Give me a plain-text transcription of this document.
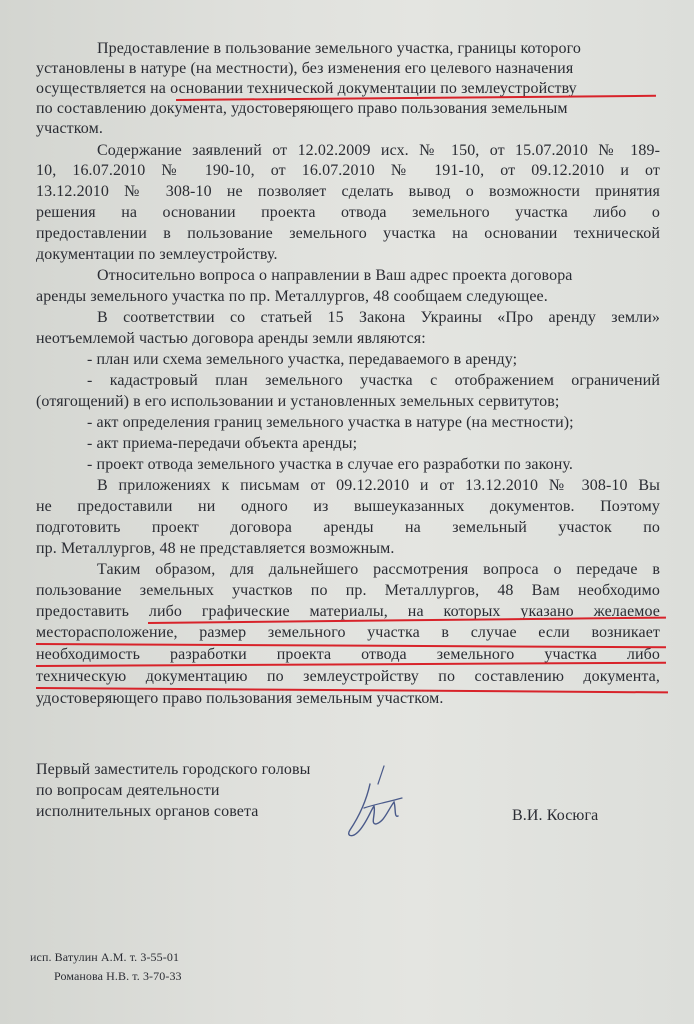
Предоставление в пользование земельного участка, границы которого
установлены в натуре (на местности), без изменения его целевого назначения
осуществляется на основании технической документации по землеустройству
по составлению документа, удостоверяющего право пользования земельным
участком.
Содержание заявлений от 12.02.2009 исх. № 150, от 15.07.2010 № 189-
10, 16.07.2010 № 190-10, от 16.07.2010 № 191-10, от 09.12.2010 и от
13.12.2010 № 308-10 не позволяет сделать вывод о возможности принятия
решения на основании проекта отвода земельного участка либо о
предоставлении в пользование земельного участка на основании технической
документации по землеустройству.
Относительно вопроса о направлении в Ваш адрес проекта договора
аренды земельного участка по пр. Металлургов, 48 сообщаем следующее.
В соответствии со статьей 15 Закона Украины «Про аренду земли»
неотъемлемой частью договора аренды земли являются:
- план или схема земельного участка, передаваемого в аренду;
- кадастровый план земельного участка с отображением ограничений
(отягощений) в его использовании и установленных земельных сервитутов;
- акт определения границ земельного участка в натуре (на местности);
- акт приема-передачи объекта аренды;
- проект отвода земельного участка в случае его разработки по закону.
В приложениях к письмам от 09.12.2010 и от 13.12.2010 № 308-10 Вы
не предоставили ни одного из вышеуказанных документов. Поэтому
подготовить проект договора аренды на земельный участок по
пр. Металлургов, 48 не представляется возможным.
Таким образом, для дальнейшего рассмотрения вопроса о передаче в
пользование земельных участков по пр. Металлургов, 48 Вам необходимо
предоставить либо графические материалы, на которых указано желаемое
месторасположение, размер земельного участка в случае если возникает
необходимость разработки проекта отвода земельного участка либо
техническую документацию по землеустройству по составлению документа,
удостоверяющего право пользования земельным участком.
Первый заместитель городского головы
по вопросам деятельности
исполнительных органов совета	В.И. Косюга
исп. Ватулин А.М. т. 3-55-01
Романова Н.В. т. 3-70-33
